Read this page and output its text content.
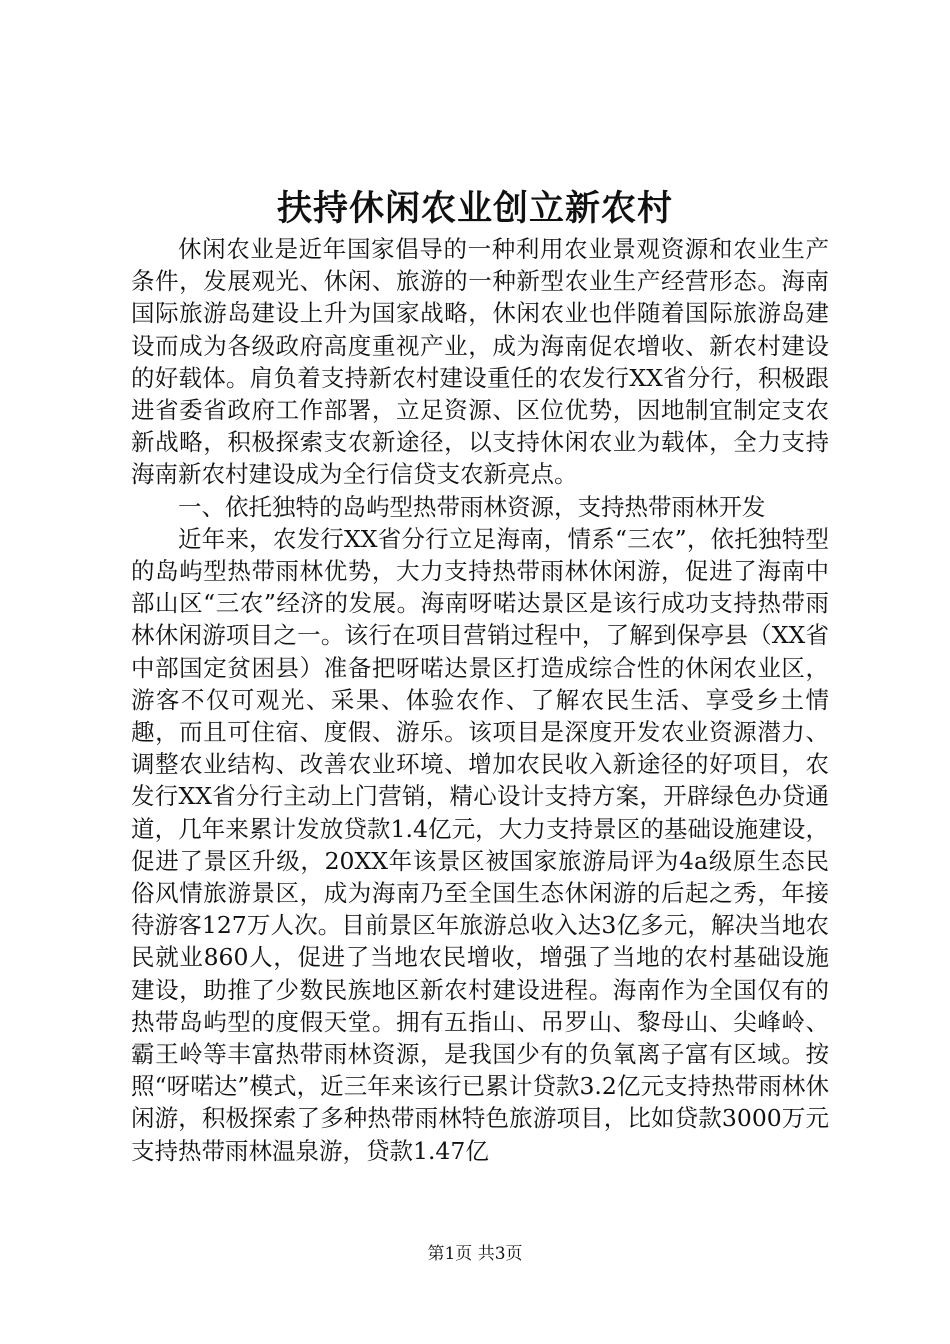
扶持休闲农业创立新农村

休闲农业是近年国家倡导的一种利用农业景观资源和农业生产条件，发展观光、休闲、旅游的一种新型农业生产经营形态。海南国际旅游岛建设上升为国家战略，休闲农业也伴随着国际旅游岛建设而成为各级政府高度重视产业，成为海南促农增收、新农村建设的好载体。肩负着支持新农村建设重任的农发行XX省分行，积极跟进省委省政府工作部署，立足资源、区位优势，因地制宜制定支农新战略，积极探索支农新途径，以支持休闲农业为载体，全力支持海南新农村建设成为全行信贷支农新亮点。

一、依托独特的岛屿型热带雨林资源，支持热带雨林开发

近年来，农发行XX省分行立足海南，情系“三农”，依托独特型的岛屿型热带雨林优势，大力支持热带雨林休闲游，促进了海南中部山区“三农”经济的发展。海南呀喏达景区是该行成功支持热带雨林休闲游项目之一。该行在项目营销过程中，了解到保亭县（XX省中部国定贫困县）准备把呀喏达景区打造成综合性的休闲农业区，游客不仅可观光、采果、体验农作、了解农民生活、享受乡土情趣，而且可住宿、度假、游乐。该项目是深度开发农业资源潜力、调整农业结构、改善农业环境、增加农民收入新途径的好项目，农发行XX省分行主动上门营销，精心设计支持方案，开辟绿色办贷通道，几年来累计发放贷款1.4亿元，大力支持景区的基础设施建设，促进了景区升级，20XX年该景区被国家旅游局评为4a级原生态民俗风情旅游景区，成为海南乃至全国生态休闲游的后起之秀，年接待游客127万人次。目前景区年旅游总收入达3亿多元，解决当地农民就业860人，促进了当地农民增收，增强了当地的农村基础设施建设，助推了少数民族地区新农村建设进程。海南作为全国仅有的热带岛屿型的度假天堂。拥有五指山、吊罗山、黎母山、尖峰岭、霸王岭等丰富热带雨林资源，是我国少有的负氧离子富有区域。按照“呀喏达”模式，近三年来该行已累计贷款3.2亿元支持热带雨林休闲游，积极探索了多种热带雨林特色旅游项目，比如贷款3000万元支持热带雨林温泉游，贷款1.47亿

第1页 共3页
